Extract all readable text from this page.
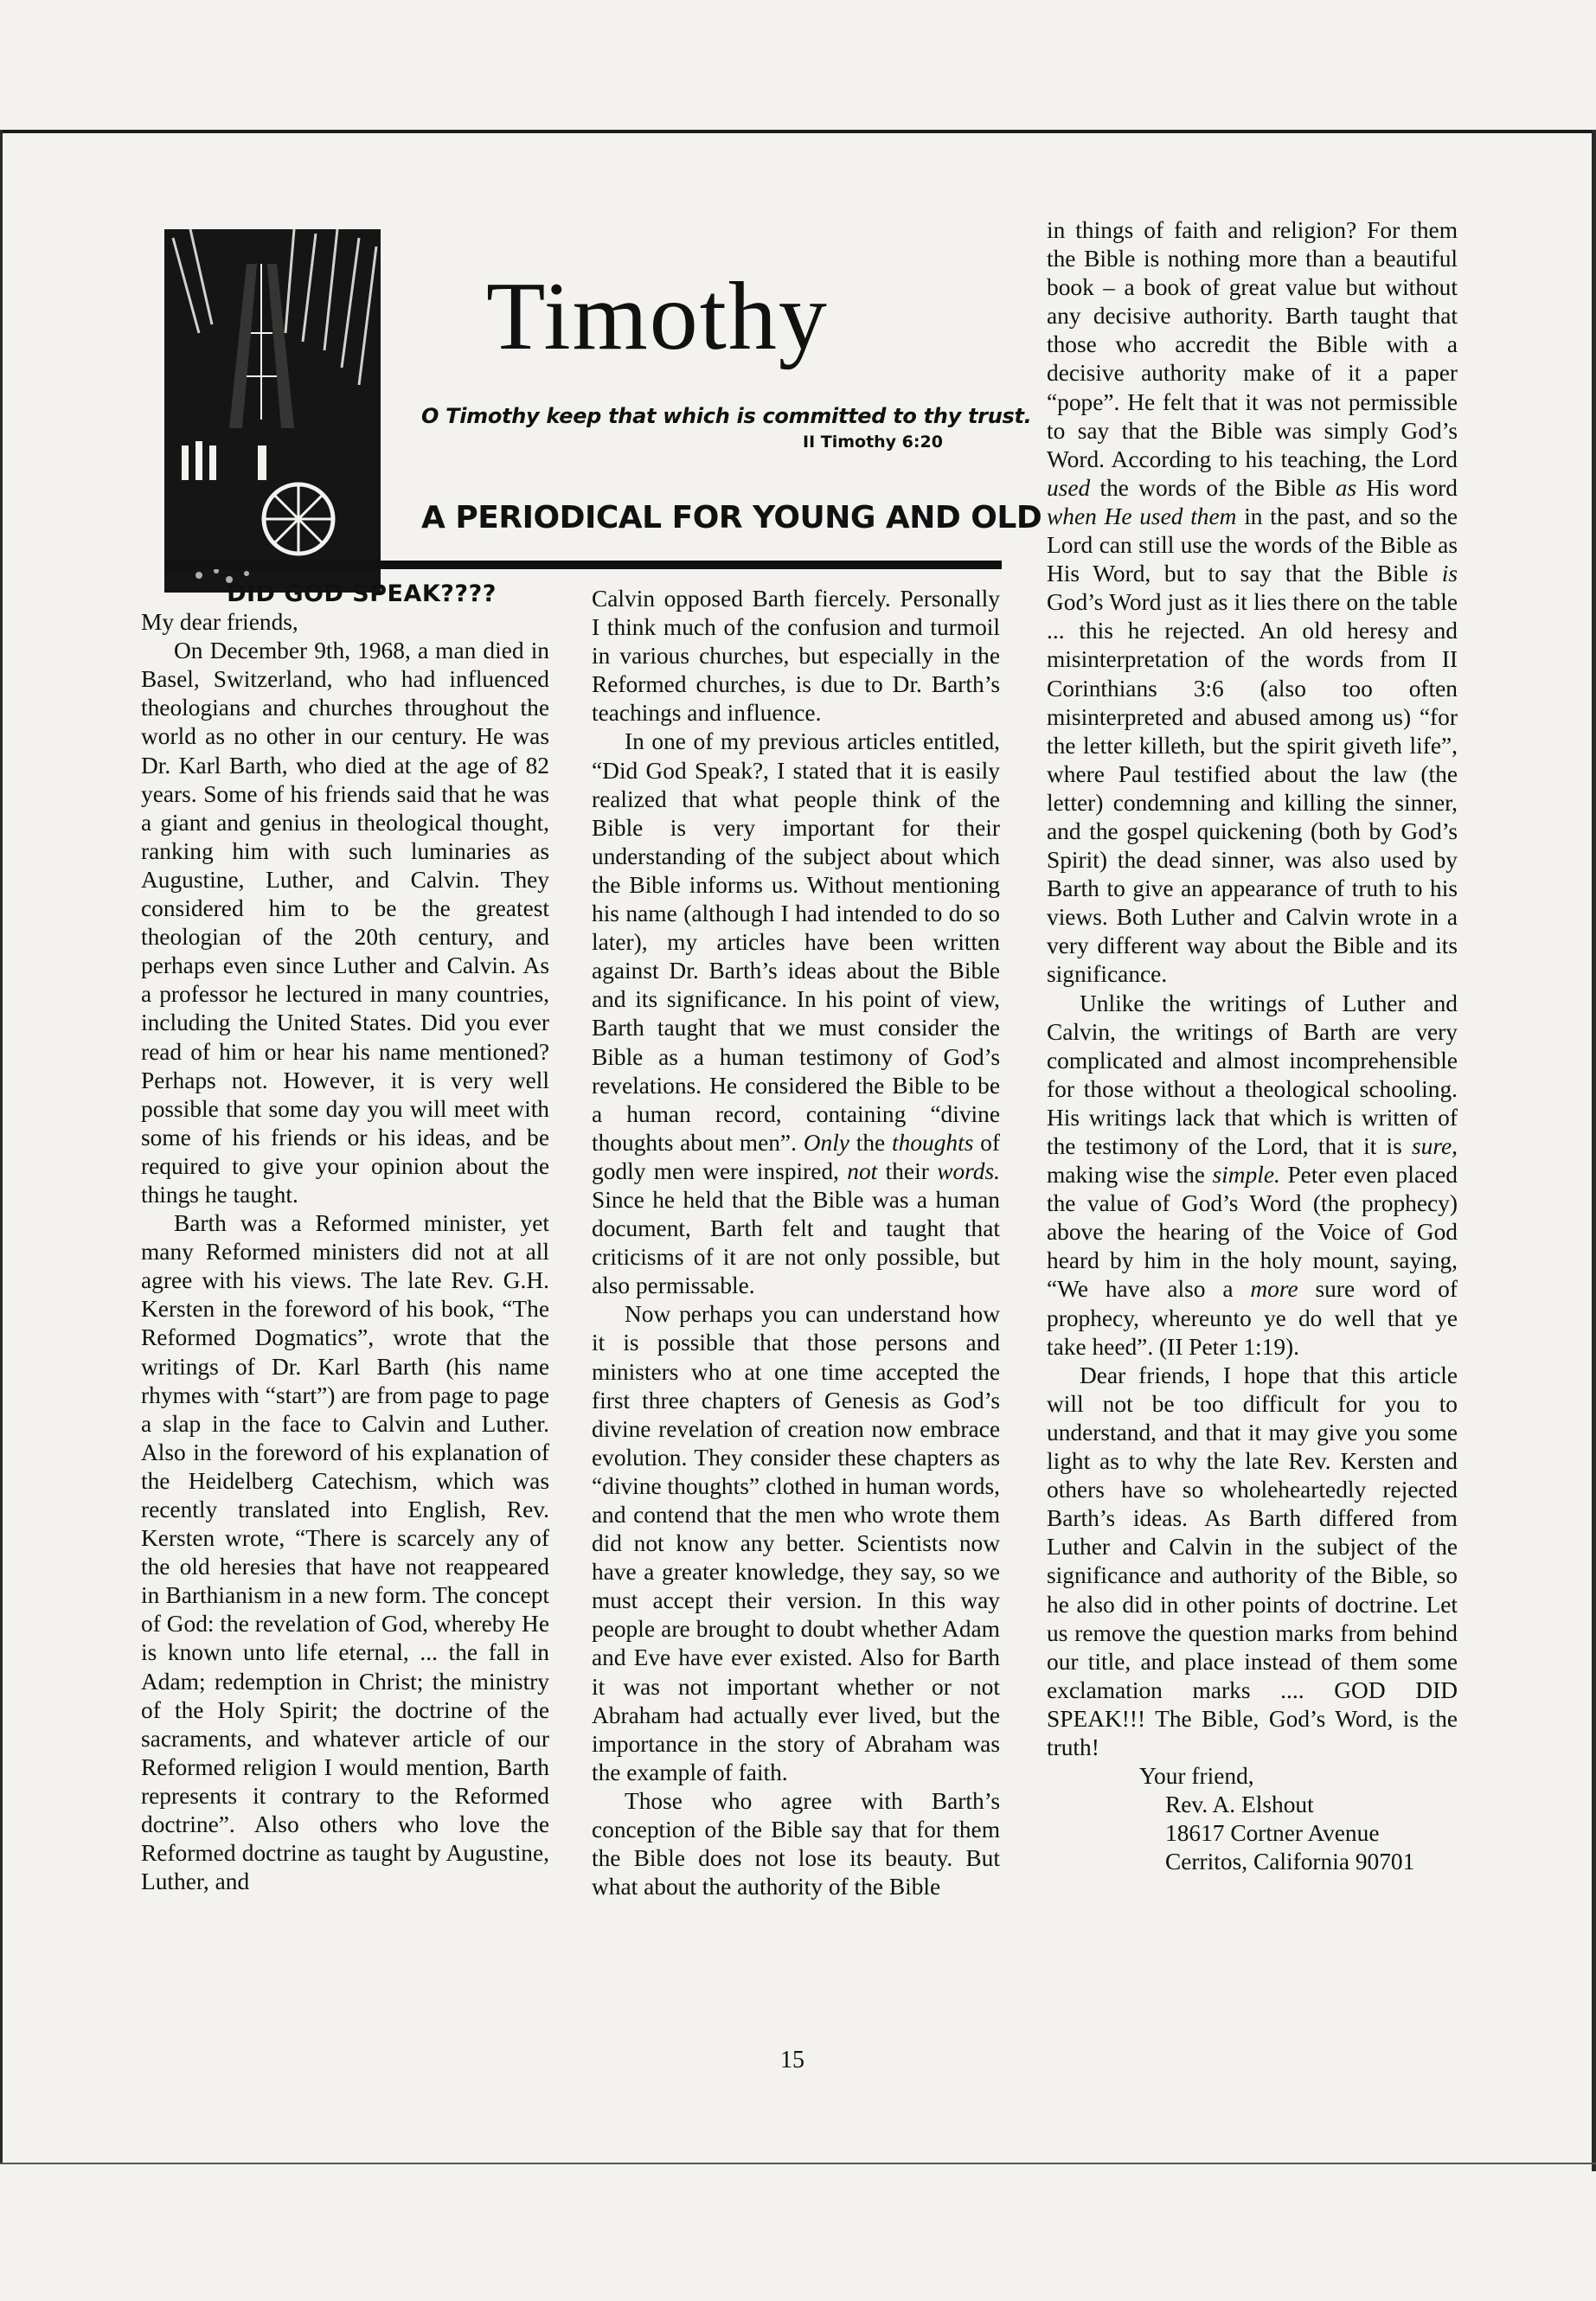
Timothy
O Timothy keep that which is committed to thy trust.
II Timothy 6:20
A PERIODICAL FOR YOUNG AND OLD

DID GOD SPEAK????

My dear friends,

On December 9th, 1968, a man died in Basel, Switzerland, who had influenced theologians and churches throughout the world as no other in our century. He was Dr. Karl Barth, who died at the age of 82 years. Some of his friends said that he was a giant and genius in theological thought, ranking him with such luminaries as Augustine, Luther, and Calvin. They considered him to be the greatest theologian of the 20th century, and perhaps even since Luther and Calvin. As a professor he lectured in many countries, including the United States. Did you ever read of him or hear his name mentioned? Perhaps not. However, it is very well possible that some day you will meet with some of his friends or his ideas, and be required to give your opinion about the things he taught.

Barth was a Reformed minister, yet many Reformed ministers did not at all agree with his views. The late Rev. G.H. Kersten in the foreword of his book, “The Reformed Dogmatics”, wrote that the writings of Dr. Karl Barth (his name rhymes with “start”) are from page to page a slap in the face to Calvin and Luther. Also in the foreword of his explanation of the Heidelberg Catechism, which was recently translated into English, Rev. Kersten wrote, “There is scarcely any of the old heresies that have not reappeared in Barthianism in a new form. The concept of God: the revelation of God, whereby He is known unto life eternal, ... the fall in Adam; redemption in Christ; the ministry of the Holy Spirit; the doctrine of the sacraments, and whatever article of our Reformed religion I would mention, Barth represents it contrary to the Reformed doctrine”. Also others who love the Reformed doctrine as taught by Augustine, Luther, and

Calvin opposed Barth fiercely. Personally I think much of the confusion and turmoil in various churches, but especially in the Reformed churches, is due to Dr. Barth’s teachings and influence.

In one of my previous articles entitled, “Did God Speak?, I stated that it is easily realized that what people think of the Bible is very important for their understanding of the subject about which the Bible informs us. Without mentioning his name (although I had intended to do so later), my articles have been written against Dr. Barth’s ideas about the Bible and its significance. In his point of view, Barth taught that we must consider the Bible as a human testimony of God’s revelations. He considered the Bible to be a human record, containing “divine thoughts about men”. Only the thoughts of godly men were inspired, not their words. Since he held that the Bible was a human document, Barth felt and taught that criticisms of it are not only possible, but also permissable.

Now perhaps you can understand how it is possible that those persons and ministers who at one time accepted the first three chapters of Genesis as God’s divine revelation of creation now embrace evolution. They consider these chapters as “divine thoughts” clothed in human words, and contend that the men who wrote them did not know any better. Scientists now have a greater knowledge, they say, so we must accept their version. In this way people are brought to doubt whether Adam and Eve have ever existed. Also for Barth it was not important whether or not Abraham had actually ever lived, but the importance in the story of Abraham was the example of faith.

Those who agree with Barth’s conception of the Bible say that for them the Bible does not lose its beauty. But what about the authority of the Bible

in things of faith and religion? For them the Bible is nothing more than a beautiful book – a book of great value but without any decisive authority. Barth taught that those who accredit the Bible with a decisive authority make of it a paper “pope”. He felt that it was not permissible to say that the Bible was simply God’s Word. According to his teaching, the Lord used the words of the Bible as His word when He used them in the past, and so the Lord can still use the words of the Bible as His Word, but to say that the Bible is God’s Word just as it lies there on the table ... this he rejected. An old heresy and misinterpretation of the words from II Corinthians 3:6 (also too often misinterpreted and abused among us) “for the letter killeth, but the spirit giveth life”, where Paul testified about the law (the letter) condemning and killing the sinner, and the gospel quickening (both by God’s Spirit) the dead sinner, was also used by Barth to give an appearance of truth to his views. Both Luther and Calvin wrote in a very different way about the Bible and its significance.

Unlike the writings of Luther and Calvin, the writings of Barth are very complicated and almost incomprehensible for those without a theological schooling. His writings lack that which is written of the testimony of the Lord, that it is sure, making wise the simple. Peter even placed the value of God’s Word (the prophecy) above the hearing of the Voice of God heard by him in the holy mount, saying, “We have also a more sure word of prophecy, whereunto ye do well that ye take heed”. (II Peter 1:19).

Dear friends, I hope that this article will not be too difficult for you to understand, and that it may give you some light as to why the late Rev. Kersten and others have so wholeheartedly rejected Barth’s ideas. As Barth differed from Luther and Calvin in the subject of the significance and authority of the Bible, so he also did in other points of doctrine. Let us remove the question marks from behind our title, and place instead of them some exclamation marks .... GOD DID SPEAK!!! The Bible, God’s Word, is the truth!

Your friend,
Rev. A. Elshout
18617 Cortner Avenue
Cerritos, California 90701
15
